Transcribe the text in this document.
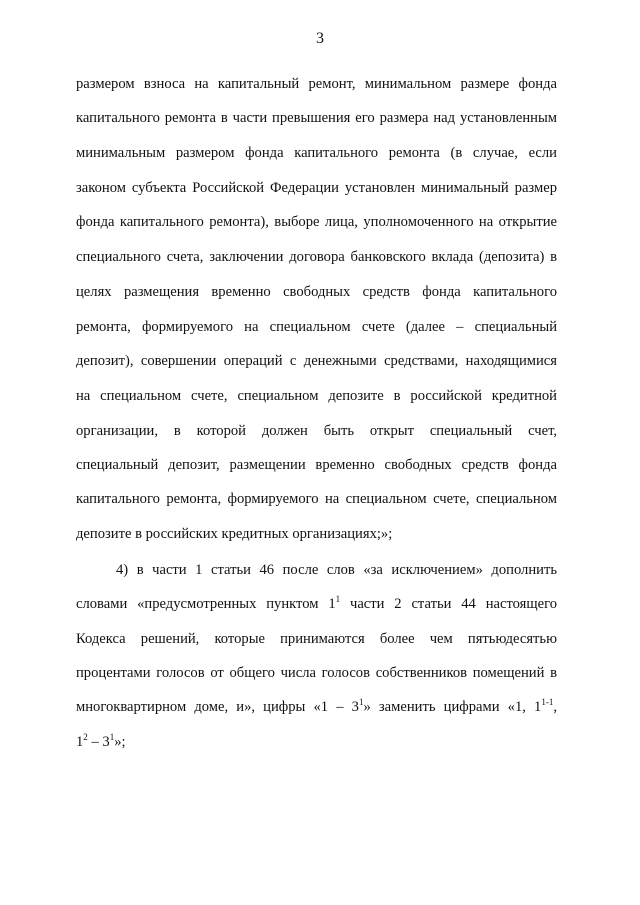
3
размером взноса на капитальный ремонт, минимальном размере фонда
капитального ремонта в части превышения его размера над установленным
минимальным размером фонда капитального ремонта (в случае, если
законом субъекта Российской Федерации установлен минимальный размер
фонда капитального ремонта), выборе лица, уполномоченного на открытие
специального счета, заключении договора банковского вклада (депозита) в
целях размещения временно свободных средств фонда капитального
ремонта, формируемого на специальном счете (далее – специальный
депозит), совершении операций с денежными средствами, находящимися
на специальном счете, специальном депозите в российской кредитной
организации, в которой должен быть открыт специальный счет,
специальный депозит, размещении временно свободных средств фонда
капитального ремонта, формируемого на специальном счете, специальном
депозите в российских кредитных организациях;»;
4) в части 1 статьи 46 после слов «за исключением» дополнить
словами «предусмотренных пунктом $1^1$ части 2 статьи 44 настоящего
Кодекса решений, которые принимаются более чем пятьюдесятью
процентами голосов от общего числа голосов собственников помещений в
многоквартирном доме, и», цифры «$1 - 3^1$» заменить цифрами «1, 1$^{1-1}$,
$1^2 - 3^1$»;
